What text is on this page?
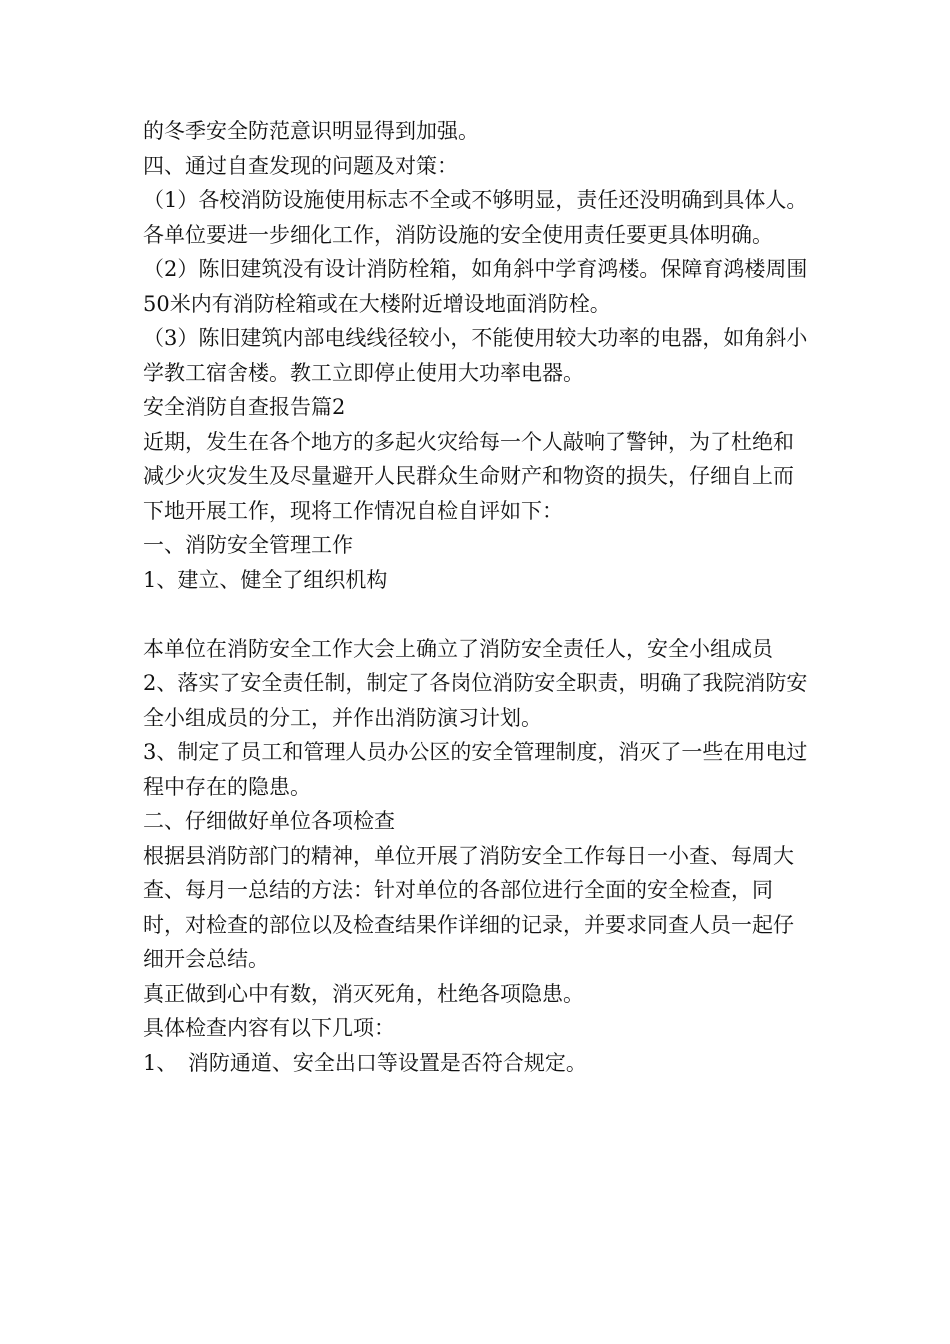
的冬季安全防范意识明显得到加强。

四、通过自查发现的问题及对策：

（1）各校消防设施使用标志不全或不够明显，责任还没明确到具体人。各单位要进一步细化工作，消防设施的安全使用责任要更具体明确。

（2）陈旧建筑没有设计消防栓箱，如角斜中学育鸿楼。保障育鸿楼周围50米内有消防栓箱或在大楼附近增设地面消防栓。

（3）陈旧建筑内部电线线径较小，不能使用较大功率的电器，如角斜小学教工宿舍楼。教工立即停止使用大功率电器。

安全消防自查报告篇2

近期，发生在各个地方的多起火灾给每一个人敲响了警钟，为了杜绝和减少火灾发生及尽量避开人民群众生命财产和物资的损失，仔细自上而下地开展工作，现将工作情况自检自评如下：

一、消防安全管理工作

1、建立、健全了组织机构

本单位在消防安全工作大会上确立了消防安全责任人，安全小组成员

2、落实了安全责任制，制定了各岗位消防安全职责，明确了我院消防安全小组成员的分工，并作出消防演习计划。

3、制定了员工和管理人员办公区的安全管理制度，消灭了一些在用电过程中存在的隐患。

二、仔细做好单位各项检查

根据县消防部门的精神，单位开展了消防安全工作每日一小查、每周大查、每月一总结的方法：针对单位的各部位进行全面的安全检查，同时，对检查的部位以及检查结果作详细的记录，并要求同查人员一起仔细开会总结。

真正做到心中有数，消灭死角，杜绝各项隐患。

具体检查内容有以下几项：

1、　消防通道、安全出口等设置是否符合规定。
